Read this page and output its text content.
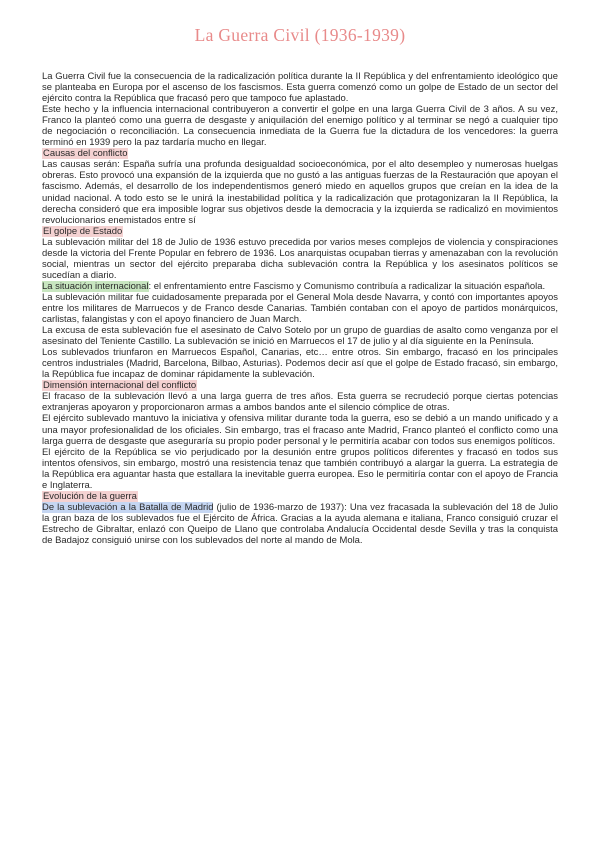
La Guerra Civil (1936-1939)

La Guerra Civil fue la consecuencia de la radicalización política durante la II República y del enfrentamiento ideológico que se planteaba en Europa por el ascenso de los fascismos. Esta guerra comenzó como un golpe de Estado de un sector del ejército contra la República que fracasó pero que tampoco fue aplastado.

Este hecho y la influencia internacional contribuyeron a convertir el golpe en una larga Guerra Civil de 3 años. A su vez, Franco la planteó como una guerra de desgaste y aniquilación del enemigo político y al terminar se negó a cualquier tipo de negociación o reconciliación. La consecuencia inmediata de la Guerra fue la dictadura de los vencedores: la guerra terminó en 1939 pero la paz tardaría mucho en llegar.

Causas del conflicto

Las causas serán: España sufría una profunda desigualdad socioeconómica, por el alto desempleo y numerosas huelgas obreras. Esto provocó una expansión de la izquierda que no gustó a las antiguas fuerzas de la Restauración que apoyan el fascismo. Además, el desarrollo de los independentismos generó miedo en aquellos grupos que creían en la idea de la unidad nacional. A todo esto se le unirá la inestabilidad política y la radicalización que protagonizaran la II República, la derecha consideró que era imposible lograr sus objetivos desde la democracia y la izquierda se radicalizó en movimientos revolucionarios enemistados entre sí

El golpe de Estado

La sublevación militar del 18 de Julio de 1936 estuvo precedida por varios meses complejos de violencia y conspiraciones desde la victoria del Frente Popular en febrero de 1936. Los anarquistas ocupaban tierras y amenazaban con la revolución social, mientras un sector del ejército preparaba dicha sublevación contra la República y los asesinatos políticos se sucedían a diario.

La situación internacional: el enfrentamiento entre Fascismo y Comunismo contribuía a radicalizar la situación española.

La sublevación militar fue cuidadosamente preparada por el General Mola desde Navarra, y contó con importantes apoyos entre los militares de Marruecos y de Franco desde Canarias. También contaban con el apoyo de partidos monárquicos, carlistas, falangistas y con el apoyo financiero de Juan March.

La excusa de esta sublevación fue el asesinato de Calvo Sotelo por un grupo de guardias de asalto como venganza por el asesinato del Teniente Castillo. La sublevación se inició en Marruecos el 17 de julio y al día siguiente en la Península.

Los sublevados triunfaron en Marruecos Español, Canarias, etc… entre otros. Sin embargo, fracasó en los principales centros industriales (Madrid, Barcelona, Bilbao, Asturias). Podemos decir así que el golpe de Estado fracasó, sin embargo, la República fue incapaz de dominar rápidamente la sublevación.

Dimensión internacional del conflicto

El fracaso de la sublevación llevó a una larga guerra de tres años. Esta guerra se recrudeció porque ciertas potencias extranjeras apoyaron y proporcionaron armas a ambos bandos ante el silencio cómplice de otras.

El ejército sublevado mantuvo la iniciativa y ofensiva militar durante toda la guerra, eso se debió a un mando unificado y a una mayor profesionalidad de los oficiales. Sin embargo, tras el fracaso ante Madrid, Franco planteó el conflicto como una larga guerra de desgaste que aseguraría su propio poder personal y le permitiría acabar con todos sus enemigos políticos.

El ejército de la República se vio perjudicado por la desunión entre grupos políticos diferentes y fracasó en todos sus intentos ofensivos, sin embargo, mostró una resistencia tenaz que también contribuyó a alargar la guerra. La estrategia de la República era aguantar hasta que estallara la inevitable guerra europea. Eso le permitiría contar con el apoyo de Francia e Inglaterra.

Evolución de la guerra

De la sublevación a la Batalla de Madrid (julio de 1936-marzo de 1937): Una vez fracasada la sublevación del 18 de Julio la gran baza de los sublevados fue el Ejército de África. Gracias a la ayuda alemana e italiana, Franco consiguió cruzar el Estrecho de Gibraltar, enlazó con Queipo de Llano que controlaba Andalucía Occidental desde Sevilla y tras la conquista de Badajoz consiguió unirse con los sublevados del norte al mando de Mola.
